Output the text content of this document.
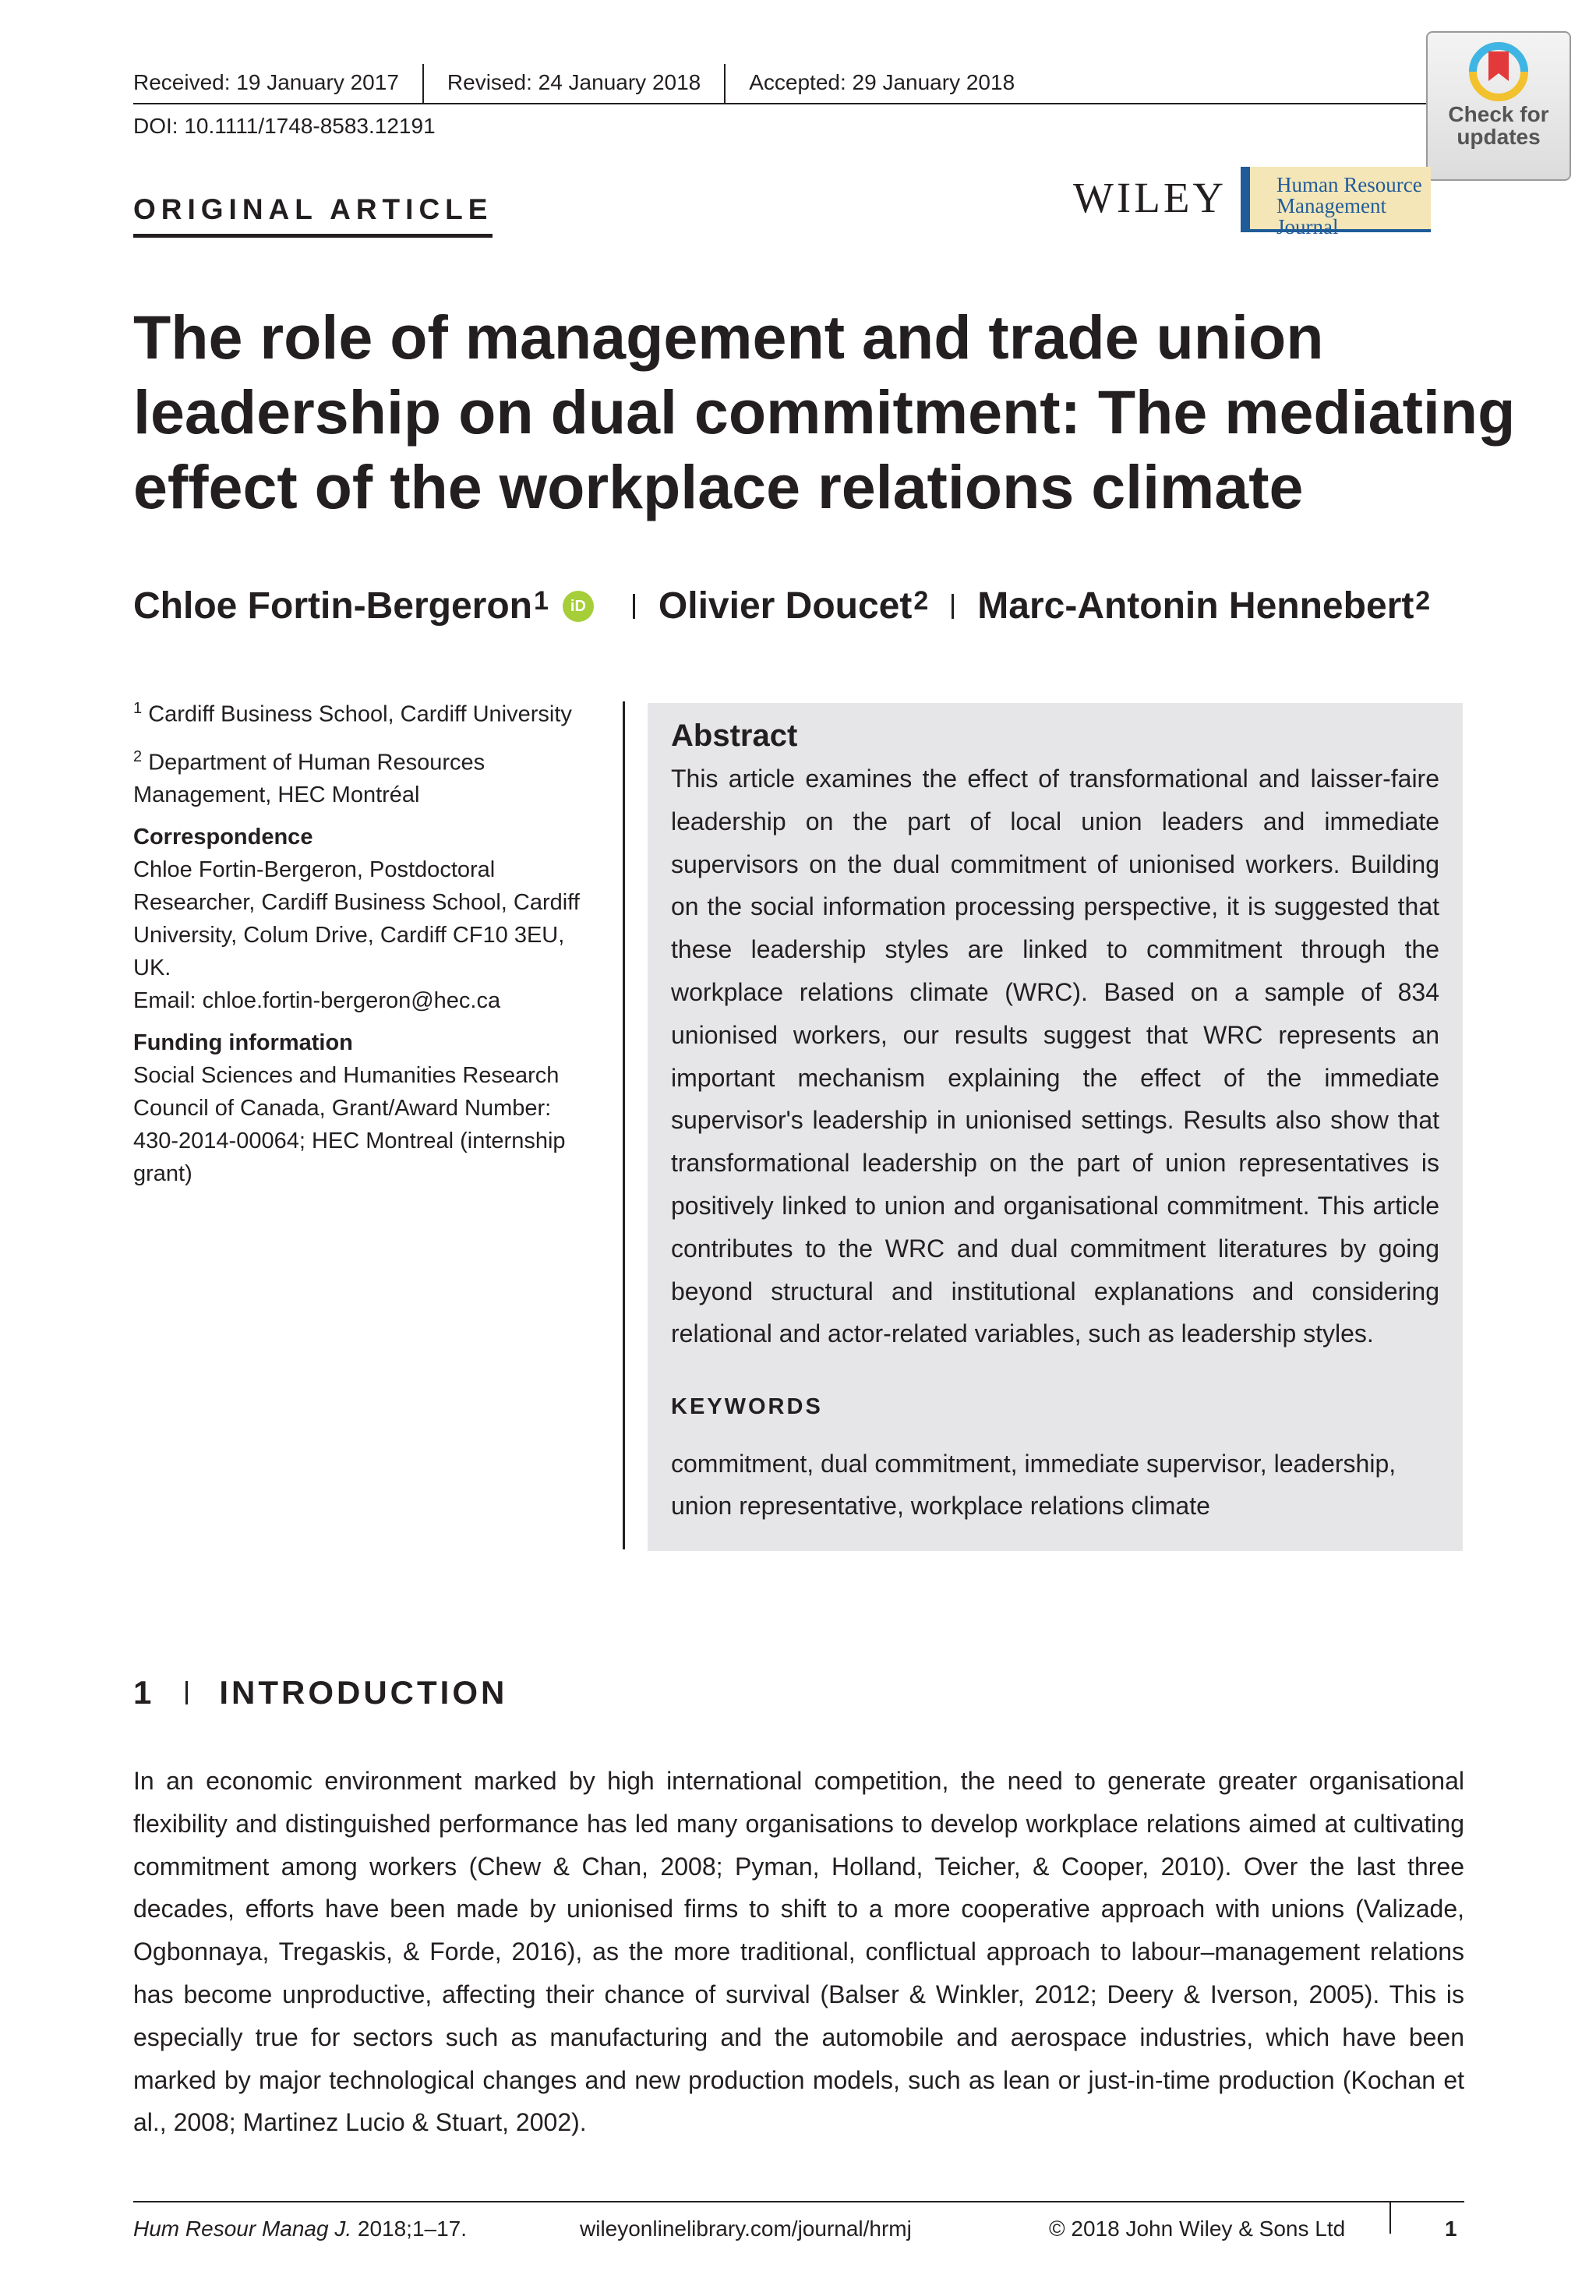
Received: 19 January 2017 Revised: 24 January 2018 Accepted: 29 January 2018
DOI: 10.1111/1748-8583.12191	Check for
updates
ORIGINAL ARTICLE	WILEY Human Resource
Management Journal
The role of management and trade union
leadership on dual commitment: The mediating
effect of the workplace relations climate
Chloe Fortin-Bergeron$^1$	iD Olivier Doucet$^2$ Marc-Antonin Hennebert$^2$

$^1$ Cardiff Business School, Cardiff University

$^2$ Department of Human Resources Management, HEC Montréal

Correspondence
Chloe Fortin-Bergeron, Postdoctoral Researcher, Cardiff Business School, Cardiff University, Colum Drive, Cardiff CF10 3EU, UK.

Email: chloe.fortin-bergeron@hec.ca

Funding information
Social Sciences and Humanities Research Council of Canada, Grant/Award Number: 430-2014-00064; HEC Montreal (internship grant)
Abstract
This article examines the effect of transformational and laisser-faire leadership on the part of local union leaders and immediate supervisors on the dual commitment of unionised workers. Building on the social information processing perspective, it is suggested that these leadership styles are linked to commitment through the workplace relations climate (WRC). Based on a sample of 834 unionised workers, our results suggest that WRC represents an important mechanism explaining the effect of the immediate supervisor's leadership in unionised settings. Results also show that transformational leadership on the part of union representatives is positively linked to union and organisational commitment. This article contributes to the WRC and dual commitment literatures by going beyond structural and institutional explanations and considering relational and actor-related variables, such as leadership styles.
KEYWORDS
commitment, dual commitment, immediate supervisor, leadership, union representative, workplace relations climate
1 INTRODUCTION
In an economic environment marked by high international competition, the need to generate greater organisational flexibility and distinguished performance has led many organisations to develop workplace relations aimed at cultivating commitment among workers (Chew & Chan, 2008; Pyman, Holland, Teicher, & Cooper, 2010). Over the last three decades, efforts have been made by unionised firms to shift to a more cooperative approach with unions (Valizade, Ogbonnaya, Tregaskis, & Forde, 2016), as the more traditional, conflictual approach to labour–management relations has become unproductive, affecting their chance of survival (Balser & Winkler, 2012; Deery & Iverson, 2005). This is especially true for sectors such as manufacturing and the automobile and aerospace industries, which have been marked by major technological changes and new production models, such as lean or just-in-time production (Kochan et al., 2008; Martinez Lucio & Stuart, 2002).
Hum Resour Manag J. 2018;1–17.	wileyonlinelibrary.com/journal/hrmj	© 2018 John Wiley & Sons Ltd	1
